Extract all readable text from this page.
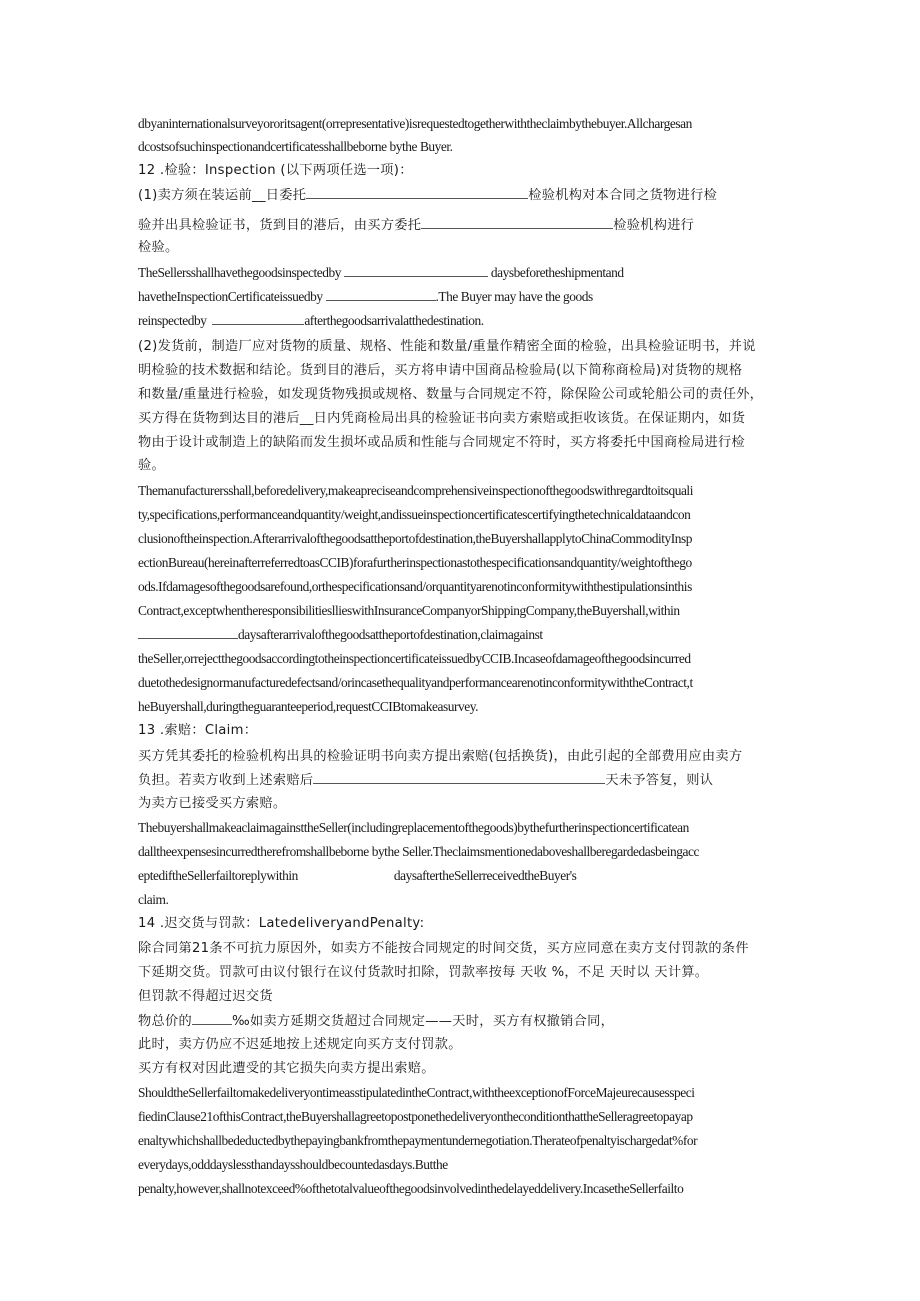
dbyaninternationalsurveyororitsagent(orrepresentative)isrequestedtogetherwiththeclaimbythebuyer.Allchargesan
dcostsofsuchinspectionandcertificatesshallbeborne bythe Buyer.
12 .检验：Inspection (以下两项任选一项)：
(1)卖方须在装运前__日委托	检验机构对本合同之货物进行检
验并出具检验证书，货到目的港后，由买方委托	检验机构进行
检验。
TheSellersshallhavethegoodsinspectedby	daysbeforetheshipmentand
havetheInspectionCertificateissuedby	.The Buyer may have the goods
reinspectedby	afterthegoodsarrivalatthedestination.
(2)发货前，制造厂应对货物的质量、规格、性能和数量/重量作精密全面的检验，出具检验证明书，并说
明检验的技术数据和结论。货到目的港后，买方将申请中国商品检验局(以下简称商检局)对货物的规格
和数量/重量进行检验，如发现货物残损或规格、数量与合同规定不符，除保险公司或轮船公司的责任外，
买方得在货物到达目的港后__日内凭商检局出具的检验证书向卖方索赔或拒收该货。在保证期内，如货
物由于设计或制造上的缺陷而发生损坏或品质和性能与合同规定不符时，买方将委托中国商检局进行检
验。
Themanufacturersshall,beforedelivery,makeapreciseandcomprehensiveinspectionofthegoodswithregardtoitsquali
ty,specifications,performanceandquantity/weight,andissueinspectioncertificatescertifyingthetechnicaldataandcon
clusionoftheinspection.Afterarrivalofthegoodsattheportofdestination,theBuyershallapplytoChinaCommodityInsp
ectionBureau(hereinafterreferredtoasCCIB)forafurtherinspectionastothespecificationsandquantity/weightofthego
ods.Ifdamagesofthegoodsarefound,orthespecificationsand/orquantityarenotinconformitywiththestipulationsinthis
Contract,exceptwhentheresponsibilitiesllieswithInsuranceCompanyorShippingCompany,theBuyershall,within
daysafterarrivalofthegoodsattheportofdestination,claimagainst
theSeller,orrejectthegoodsaccordingtotheinspectioncertificateissuedbyCCIB.Incaseofdamageofthegoodsincurred
duetothedesignormanufacturedefectsand/orincasethequalityandperformancearenotinconformitywiththeContract,t
heBuyershall,duringtheguaranteeperiod,requestCCIBtomakeasurvey.
13 .索赔：Claim：
买方凭其委托的检验机构出具的检验证明书向卖方提出索赔(包括换货)，由此引起的全部费用应由卖方
负担。若卖方收到上述索赔后	天未予答复，则认
为卖方已接受买方索赔。
ThebuyershallmakeaclaimagainsttheSeller(includingreplacementofthegoods)bythefurtherinspectioncertificatean
dalltheexpensesincurredtherefromshallbeborne bythe Seller.Theclaimsmentionedaboveshallberegardedasbeingacc
eptediftheSellerfailtoreplywithin	daysaftertheSellerreceivedtheBuyer's
claim.
14 .迟交货与罚款：LatedeliveryandPenalty:
除合同第21条不可抗力原因外，如卖方不能按合同规定的时间交货，买方应同意在卖方支付罚款的条件
下延期交货。罚款可由议付银行在议付货款时扣除，罚款率按每 天收 %，不足 天时以 天计算。
但罚款不得超过迟交货
物总价的	‰如卖方延期交货超过合同规定——天时，买方有权撤销合同，
此时，卖方仍应不迟延地按上述规定向买方支付罚款。
买方有权对因此遭受的其它损失向卖方提出索赔。
ShouldtheSellerfailtomakedeliveryontimeasstipulatedintheContract,withtheexceptionofForceMajeurecausesspeci
fiedinClause21ofthisContract,theBuyershallagreetopostponethedeliveryontheconditionthattheSelleragreetopayap
enaltywhichshallbedeductedbythepayingbankfromthepaymentundernegotiation.Therateofpenaltyischargedat%for
everydays,odddayslessthandaysshouldbecountedasdays.Butthe
penalty,however,shallnotexceed%ofthetotalvalueofthegoodsinvolvedinthedelayeddelivery.IncasetheSellerfailto
